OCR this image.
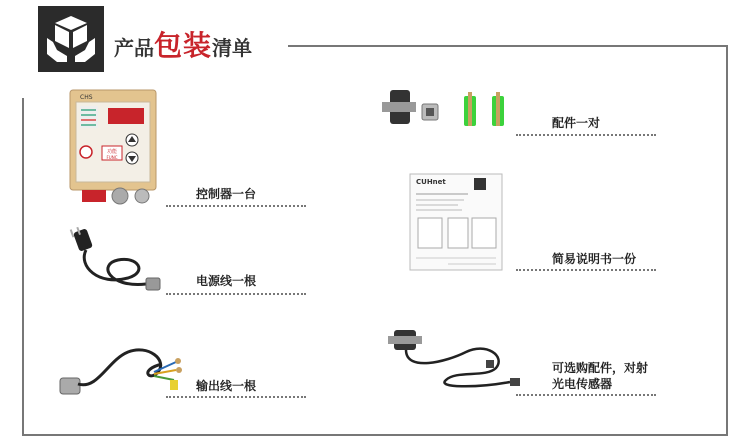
产品包装清单
CHS
功能
FUNC
控制器一台
电源线一根
输出线一根
配件一对
CUHnet
简易说明书一份
可选购配件，对射
光电传感器
